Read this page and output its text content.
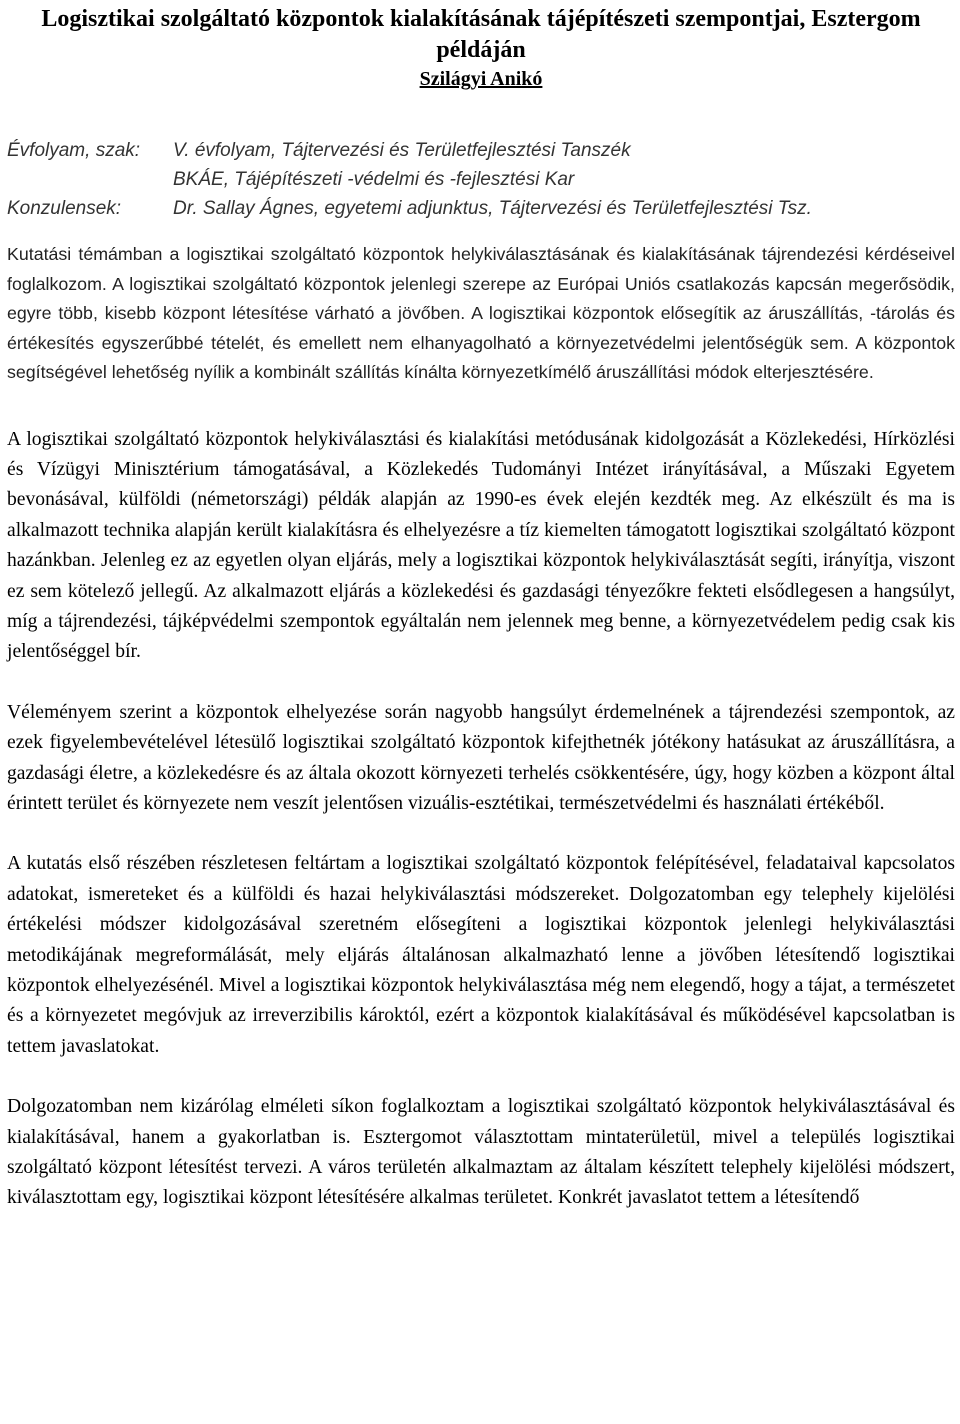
Logisztikai szolgáltató központok kialakításának tájépítészeti szempontjai, Esztergom példáján
Szilágyi Anikó
Évfolyam, szak:	V. évfolyam, Tájtervezési és Területfejlesztési Tanszék
BKÁE, Tájépítészeti -védelmi és -fejlesztési Kar
Konzulensek:	Dr. Sallay Ágnes, egyetemi adjunktus, Tájtervezési és Területfejlesztési Tsz.

Kutatási témámban a logisztikai szolgáltató központok helykiválasztásának és kialakításának tájrendezési kérdéseivel foglalkozom. A logisztikai szolgáltató központok jelenlegi szerepe az Európai Uniós csatlakozás kapcsán megerősödik, egyre több, kisebb központ létesítése várható a jövőben. A logisztikai központok elősegítik az áruszállítás, -tárolás és értékesítés egyszerűbbé tételét, és emellett nem elhanyagolható a környezetvédelmi jelentőségük sem. A központok segítségével lehetőség nyílik a kombinált szállítás kínálta környezetkímélő áruszállítási módok elterjesztésére.

A logisztikai szolgáltató központok helykiválasztási és kialakítási metódusának kidolgozását a Közlekedési, Hírközlési és Vízügyi Minisztérium támogatásával, a Közlekedés Tudományi Intézet irányításával, a Műszaki Egyetem bevonásával, külföldi (németországi) példák alapján az 1990-es évek elején kezdték meg. Az elkészült és ma is alkalmazott technika alapján került kialakításra és elhelyezésre a tíz kiemelten támogatott logisztikai szolgáltató központ hazánkban. Jelenleg ez az egyetlen olyan eljárás, mely a logisztikai központok helykiválasztását segíti, irányítja, viszont ez sem kötelező jellegű. Az alkalmazott eljárás a közlekedési és gazdasági tényezőkre fekteti elsődlegesen a hangsúlyt, míg a tájrendezési, tájképvédelmi szempontok egyáltalán nem jelennek meg benne, a környezetvédelem pedig csak kis jelentőséggel bír.

Véleményem szerint a központok elhelyezése során nagyobb hangsúlyt érdemelnének a tájrendezési szempontok, az ezek figyelembevételével létesülő logisztikai szolgáltató központok kifejthetnék jótékony hatásukat az áruszállításra, a gazdasági életre, a közlekedésre és az általa okozott környezeti terhelés csökkentésére, úgy, hogy közben a központ által érintett terület és környezete nem veszít jelentősen vizuális-esztétikai, természetvédelmi és használati értékéből.

A kutatás első részében részletesen feltártam a logisztikai szolgáltató központok felépítésével, feladataival kapcsolatos adatokat, ismereteket és a külföldi és hazai helykiválasztási módszereket. Dolgozatomban egy telephely kijelölési értékelési módszer kidolgozásával szeretném elősegíteni a logisztikai központok jelenlegi helykiválasztási metodikájának megreformálását, mely eljárás általánosan alkalmazható lenne a jövőben létesítendő logisztikai központok elhelyezésénél. Mivel a logisztikai központok helykiválasztása még nem elegendő, hogy a tájat, a természetet és a környezetet megóvjuk az irreverzibilis károktól, ezért a központok kialakításával és működésével kapcsolatban is tettem javaslatokat.

Dolgozatomban nem kizárólag elméleti síkon foglalkoztam a logisztikai szolgáltató központok helykiválasztásával és kialakításával, hanem a gyakorlatban is. Esztergomot választottam mintaterületül, mivel a település logisztikai szolgáltató központ létesítést tervezi. A város területén alkalmaztam az általam készített telephely kijelölési módszert, kiválasztottam egy, logisztikai központ létesítésére alkalmas területet. Konkrét javaslatot tettem a létesítendő
